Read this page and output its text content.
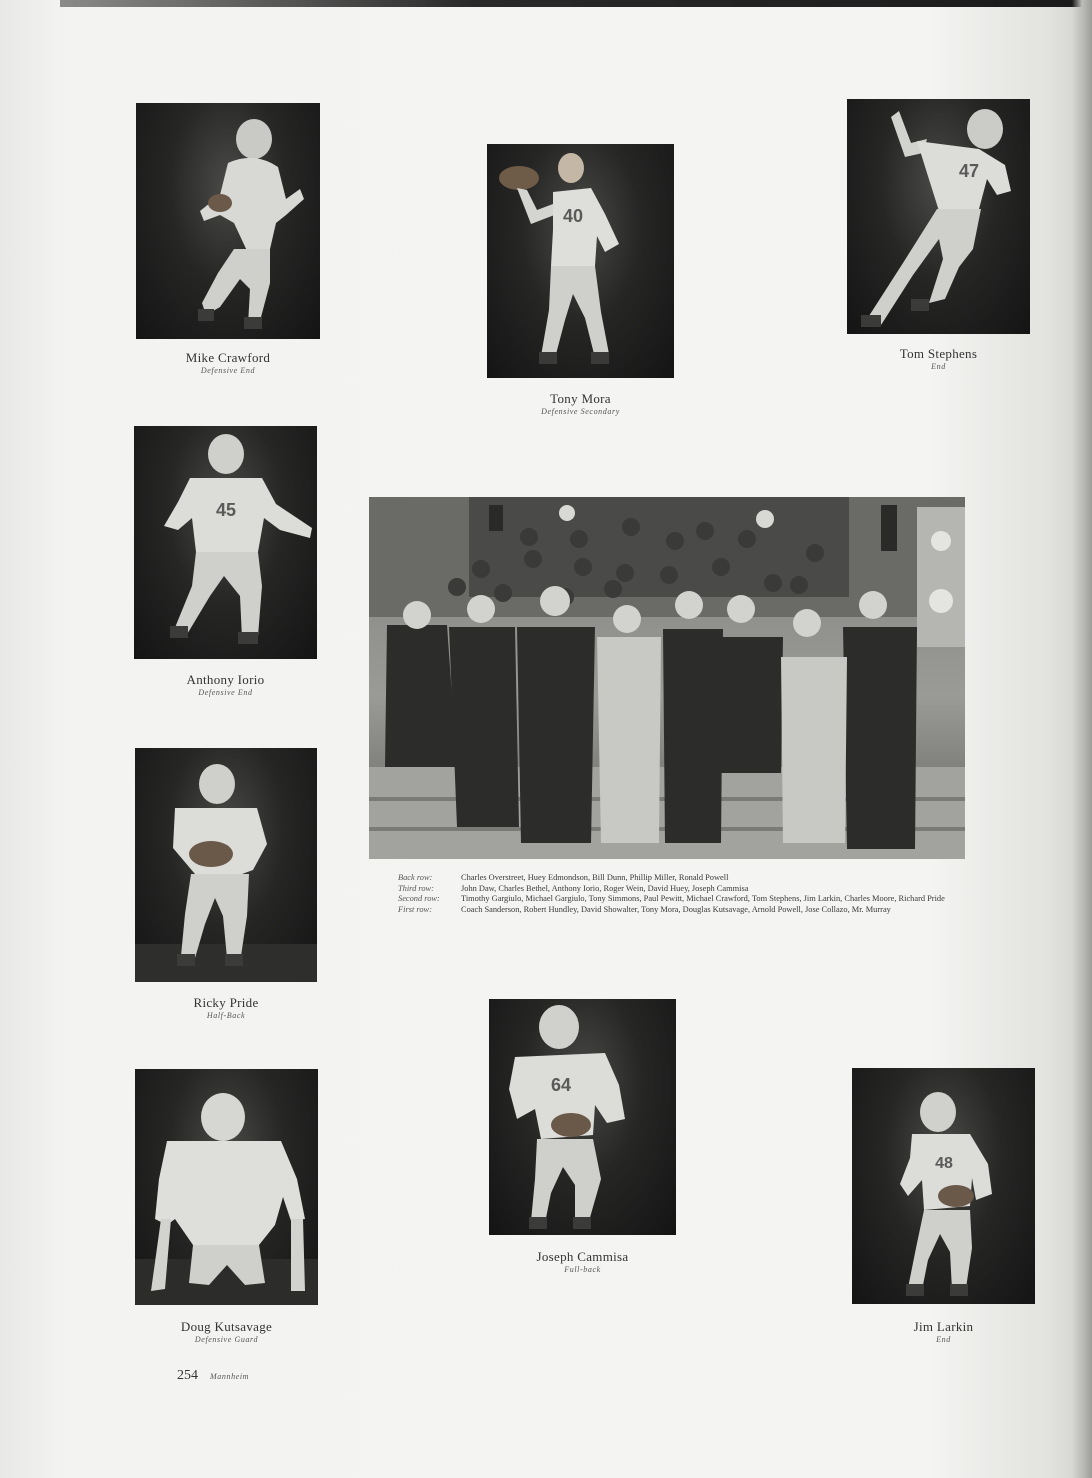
Mike Crawford
Defensive End
40
Tony Mora
Defensive Secondary
47
Tom Stephens
End
45
Anthony Iorio
Defensive End
Ricky Pride
Half-Back
Doug Kutsavage
Defensive Guard
64
Joseph Cammisa
Full-back
48
Jim Larkin
End
Back row:	Charles Overstreet, Huey Edmondson, Bill Dunn, Phillip Miller, Ronald Powell
Third row:	John Daw, Charles Bethel, Anthony Iorio, Roger Wein, David Huey, Joseph Cammisa
Second row:	Timothy Gargiulo, Michael Gargiulo, Tony Simmons, Paul Pewitt, Michael Crawford, Tom Stephens, Jim Larkin, Charles Moore, Richard Pride
First row:	Coach Sanderson, Robert Hundley, David Showalter, Tony Mora, Douglas Kutsavage, Arnold Powell, Jose Collazo, Mr. Murray
254 Mannheim
